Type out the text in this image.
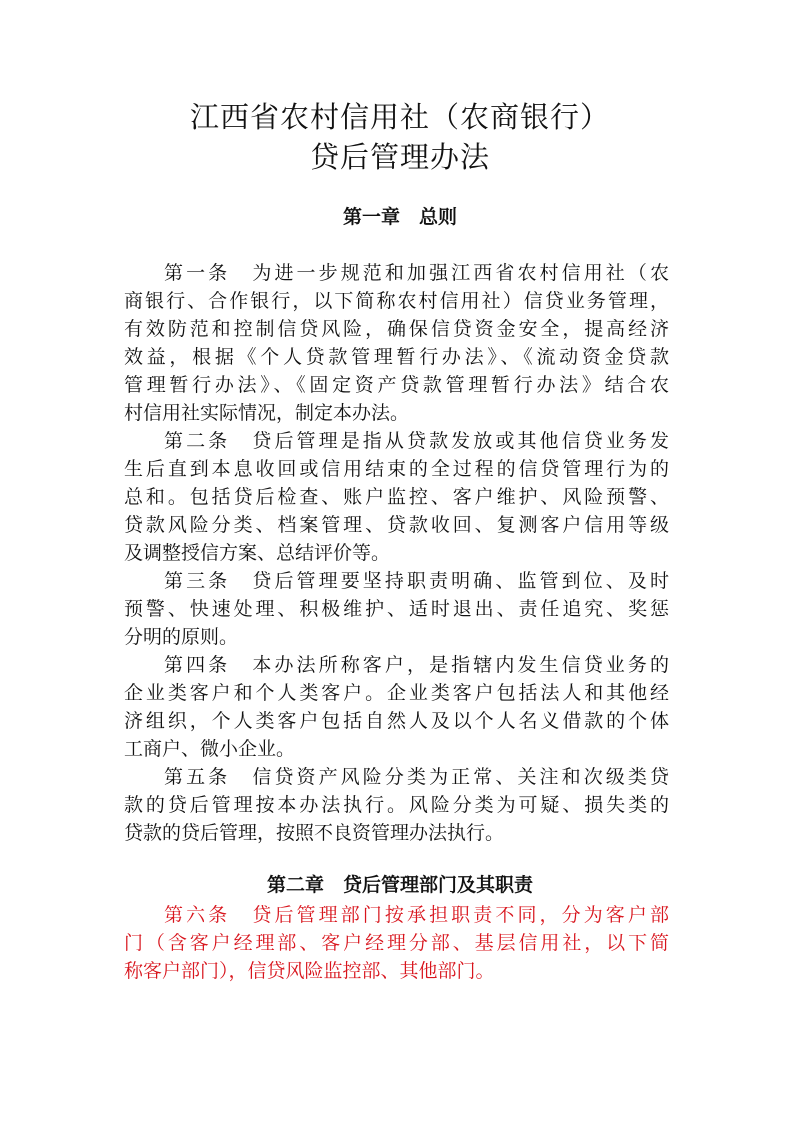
江西省农村信用社（农商银行）
贷后管理办法
第一章　总则
第一条　为进一步规范和加强江西省农村信用社（农
商银行、合作银行，以下简称农村信用社）信贷业务管理，
有效防范和控制信贷风险，确保信贷资金安全，提高经济
效益，根据《个人贷款管理暂行办法》、《流动资金贷款
管理暂行办法》、《固定资产贷款管理暂行办法》结合农
村信用社实际情况，制定本办法。
第二条　贷后管理是指从贷款发放或其他信贷业务发
生后直到本息收回或信用结束的全过程的信贷管理行为的
总和。包括贷后检查、账户监控、客户维护、风险预警、
贷款风险分类、档案管理、贷款收回、复测客户信用等级
及调整授信方案、总结评价等。
第三条　贷后管理要坚持职责明确、监管到位、及时
预警、快速处理、积极维护、适时退出、责任追究、奖惩
分明的原则。
第四条　本办法所称客户，是指辖内发生信贷业务的
企业类客户和个人类客户。企业类客户包括法人和其他经
济组织，个人类客户包括自然人及以个人名义借款的个体
工商户、微小企业。
第五条　信贷资产风险分类为正常、关注和次级类贷
款的贷后管理按本办法执行。风险分类为可疑、损失类的
贷款的贷后管理，按照不良资管理办法执行。
第二章　贷后管理部门及其职责
第六条　贷后管理部门按承担职责不同，分为客户部
门（含客户经理部、客户经理分部、基层信用社，以下简
称客户部门），信贷风险监控部、其他部门。
